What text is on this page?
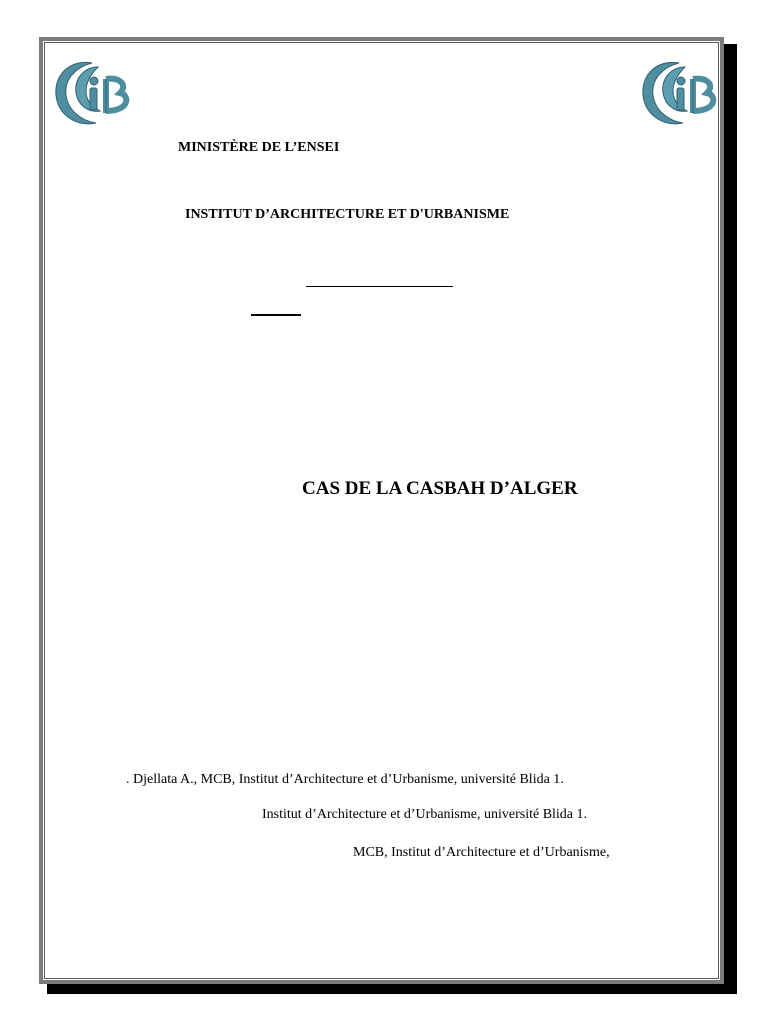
MINISTÈRE DE L’ENSEI
INSTITUT D’ARCHITECTURE ET D'URBANISME
CAS DE LA CASBAH D’ALGER
. Djellata A., MCB, Institut d’Architecture et d’Urbanisme, université Blida 1.
Institut d’Architecture et d’Urbanisme, université Blida 1.
MCB, Institut d’Architecture et d’Urbanisme,
